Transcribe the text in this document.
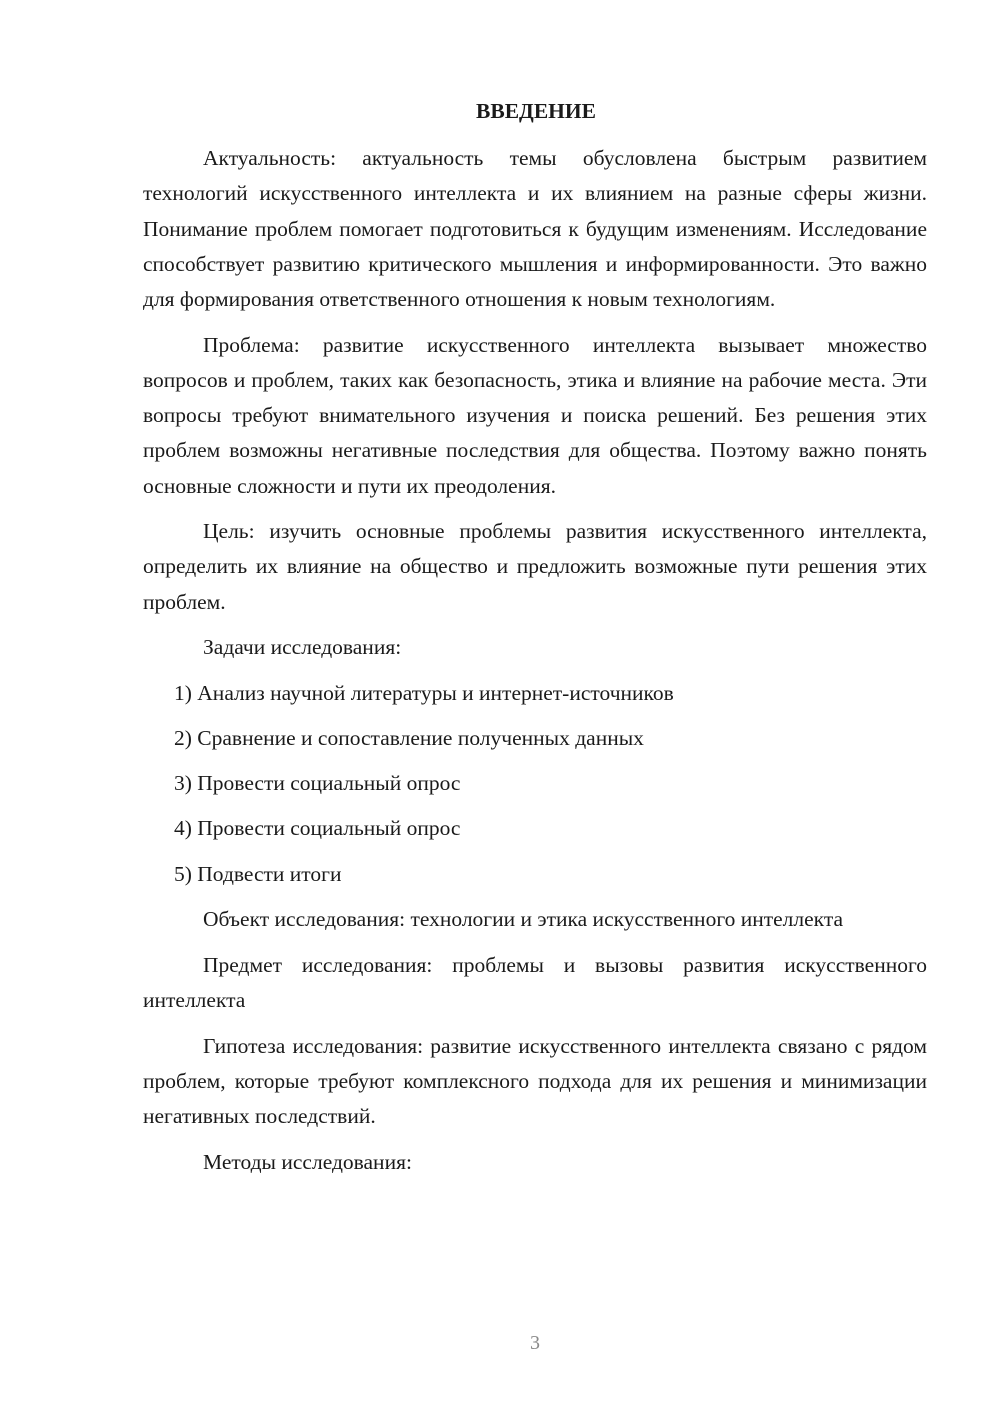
ВВЕДЕНИЕ

Актуальность: актуальность темы обусловлена быстрым развитием технологий искусственного интеллекта и их влиянием на разные сферы жизни. Понимание проблем помогает подготовиться к будущим изменениям. Исследование способствует развитию критического мышления и информированности. Это важно для формирования ответственного отношения к новым технологиям.

Проблема: развитие искусственного интеллекта вызывает множество вопросов и проблем, таких как безопасность, этика и влияние на рабочие места. Эти вопросы требуют внимательного изучения и поиска решений. Без решения этих проблем возможны негативные последствия для общества. Поэтому важно понять основные сложности и пути их преодоления.

Цель: изучить основные проблемы развития искусственного интеллекта, определить их влияние на общество и предложить возможные пути решения этих проблем.

Задачи исследования:

1) Анализ научной литературы и интернет-источников
2) Сравнение и сопоставление полученных данных
3) Провести социальный опрос
4) Провести социальный опрос
5) Подвести итоги

Объект исследования: технологии и этика искусственного интеллекта

Предмет исследования: проблемы и вызовы развития искусственного интеллекта

Гипотеза исследования: развитие искусственного интеллекта связано с рядом проблем, которые требуют комплексного подхода для их решения и минимизации негативных последствий.

Методы исследования:

3
